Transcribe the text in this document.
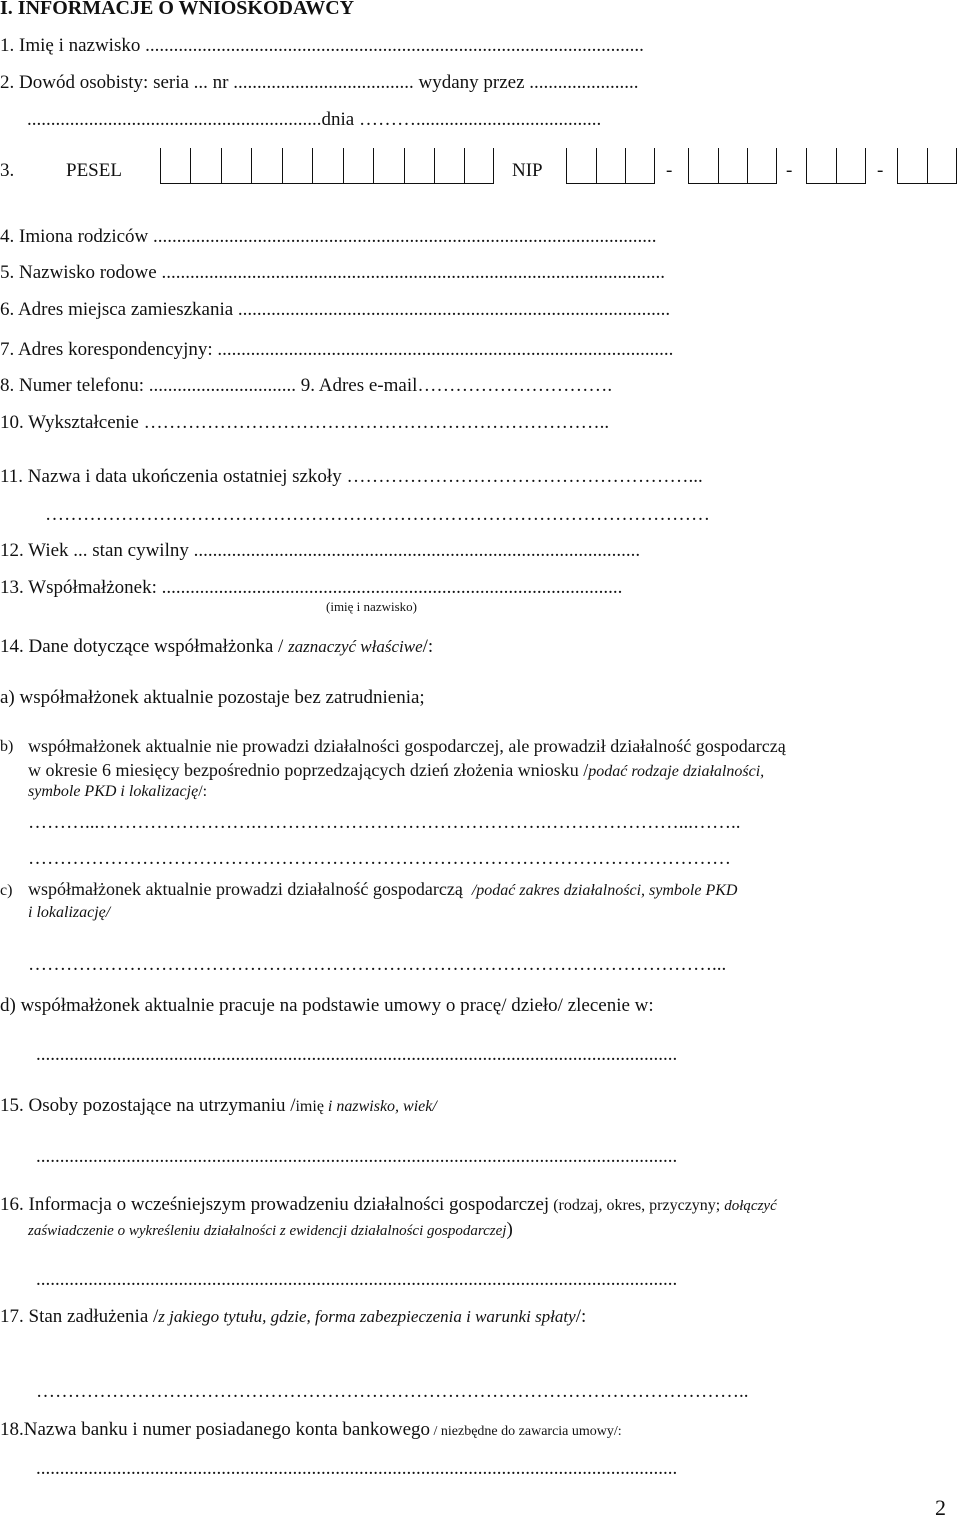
I. INFORMACJE O WNIOSKODAWCY
1. Imię i nazwisko .........................................................................................................
2. Dowód osobisty: seria ... nr ...................................... wydany przez .......................
..............................................................dnia ……….......................................
3.	PESEL	NIP	-	-	-
4. Imiona rodziców ..........................................................................................................
5. Nazwisko rodowe ..........................................................................................................
6. Adres miejsca zamieszkania ...........................................................................................
7. Adres korespondencyjny: ................................................................................................
8. Numer telefonu: ............................... 9. Adres e-mail………………………….
10. Wykształcenie ………………………………………………………………..
11. Nazwa i data ukończenia ostatniej szkoły ………………………………………………...
……………………………………………………………………………………………
12. Wiek ... stan cywilny ..............................................................................................
13. Współmałżonek: .................................................................................................
(imię i nazwisko)
14. Dane dotyczące współmałżonka / zaznaczyć właściwe/:
a) współmałżonek aktualnie pozostaje bez zatrudnienia;
b) współmałżonek aktualnie nie prowadzi działalności gospodarczej, ale prowadził działalność gospodarczą
w okresie 6 miesięcy bezpośrednio poprzedzających dzień złożenia wniosku /podać rodzaje działalności,
symbole PKD i lokalizację/:
………...…………………….……………………………………….…………………...……..
…………………………………………………………………………………………………
c) współmałżonek aktualnie prowadzi działalność gospodarczą /podać zakres działalności, symbole PKD
i lokalizację/
………………………………………………………………………………………………...
d) współmałżonek aktualnie pracuje na podstawie umowy o pracę/ dzieło/ zlecenie w:
.......................................................................................................................................
15. Osoby pozostające na utrzymaniu /imię i nazwisko, wiek/
.......................................................................................................................................
16. Informacja o wcześniejszym prowadzeniu działalności gospodarczej (rodzaj, okres, przyczyny; dołączyć
zaświadczenie o wykreśleniu działalności z ewidencji działalności gospodarczej)
.......................................................................................................................................
17. Stan zadłużenia /z jakiego tytułu, gdzie, forma zabezpieczenia i warunki spłaty/:
…………………………………………………………………………………………………..
18.Nazwa banku i numer posiadanego konta bankowego / niezbędne do zawarcia umowy/:
.......................................................................................................................................
2
